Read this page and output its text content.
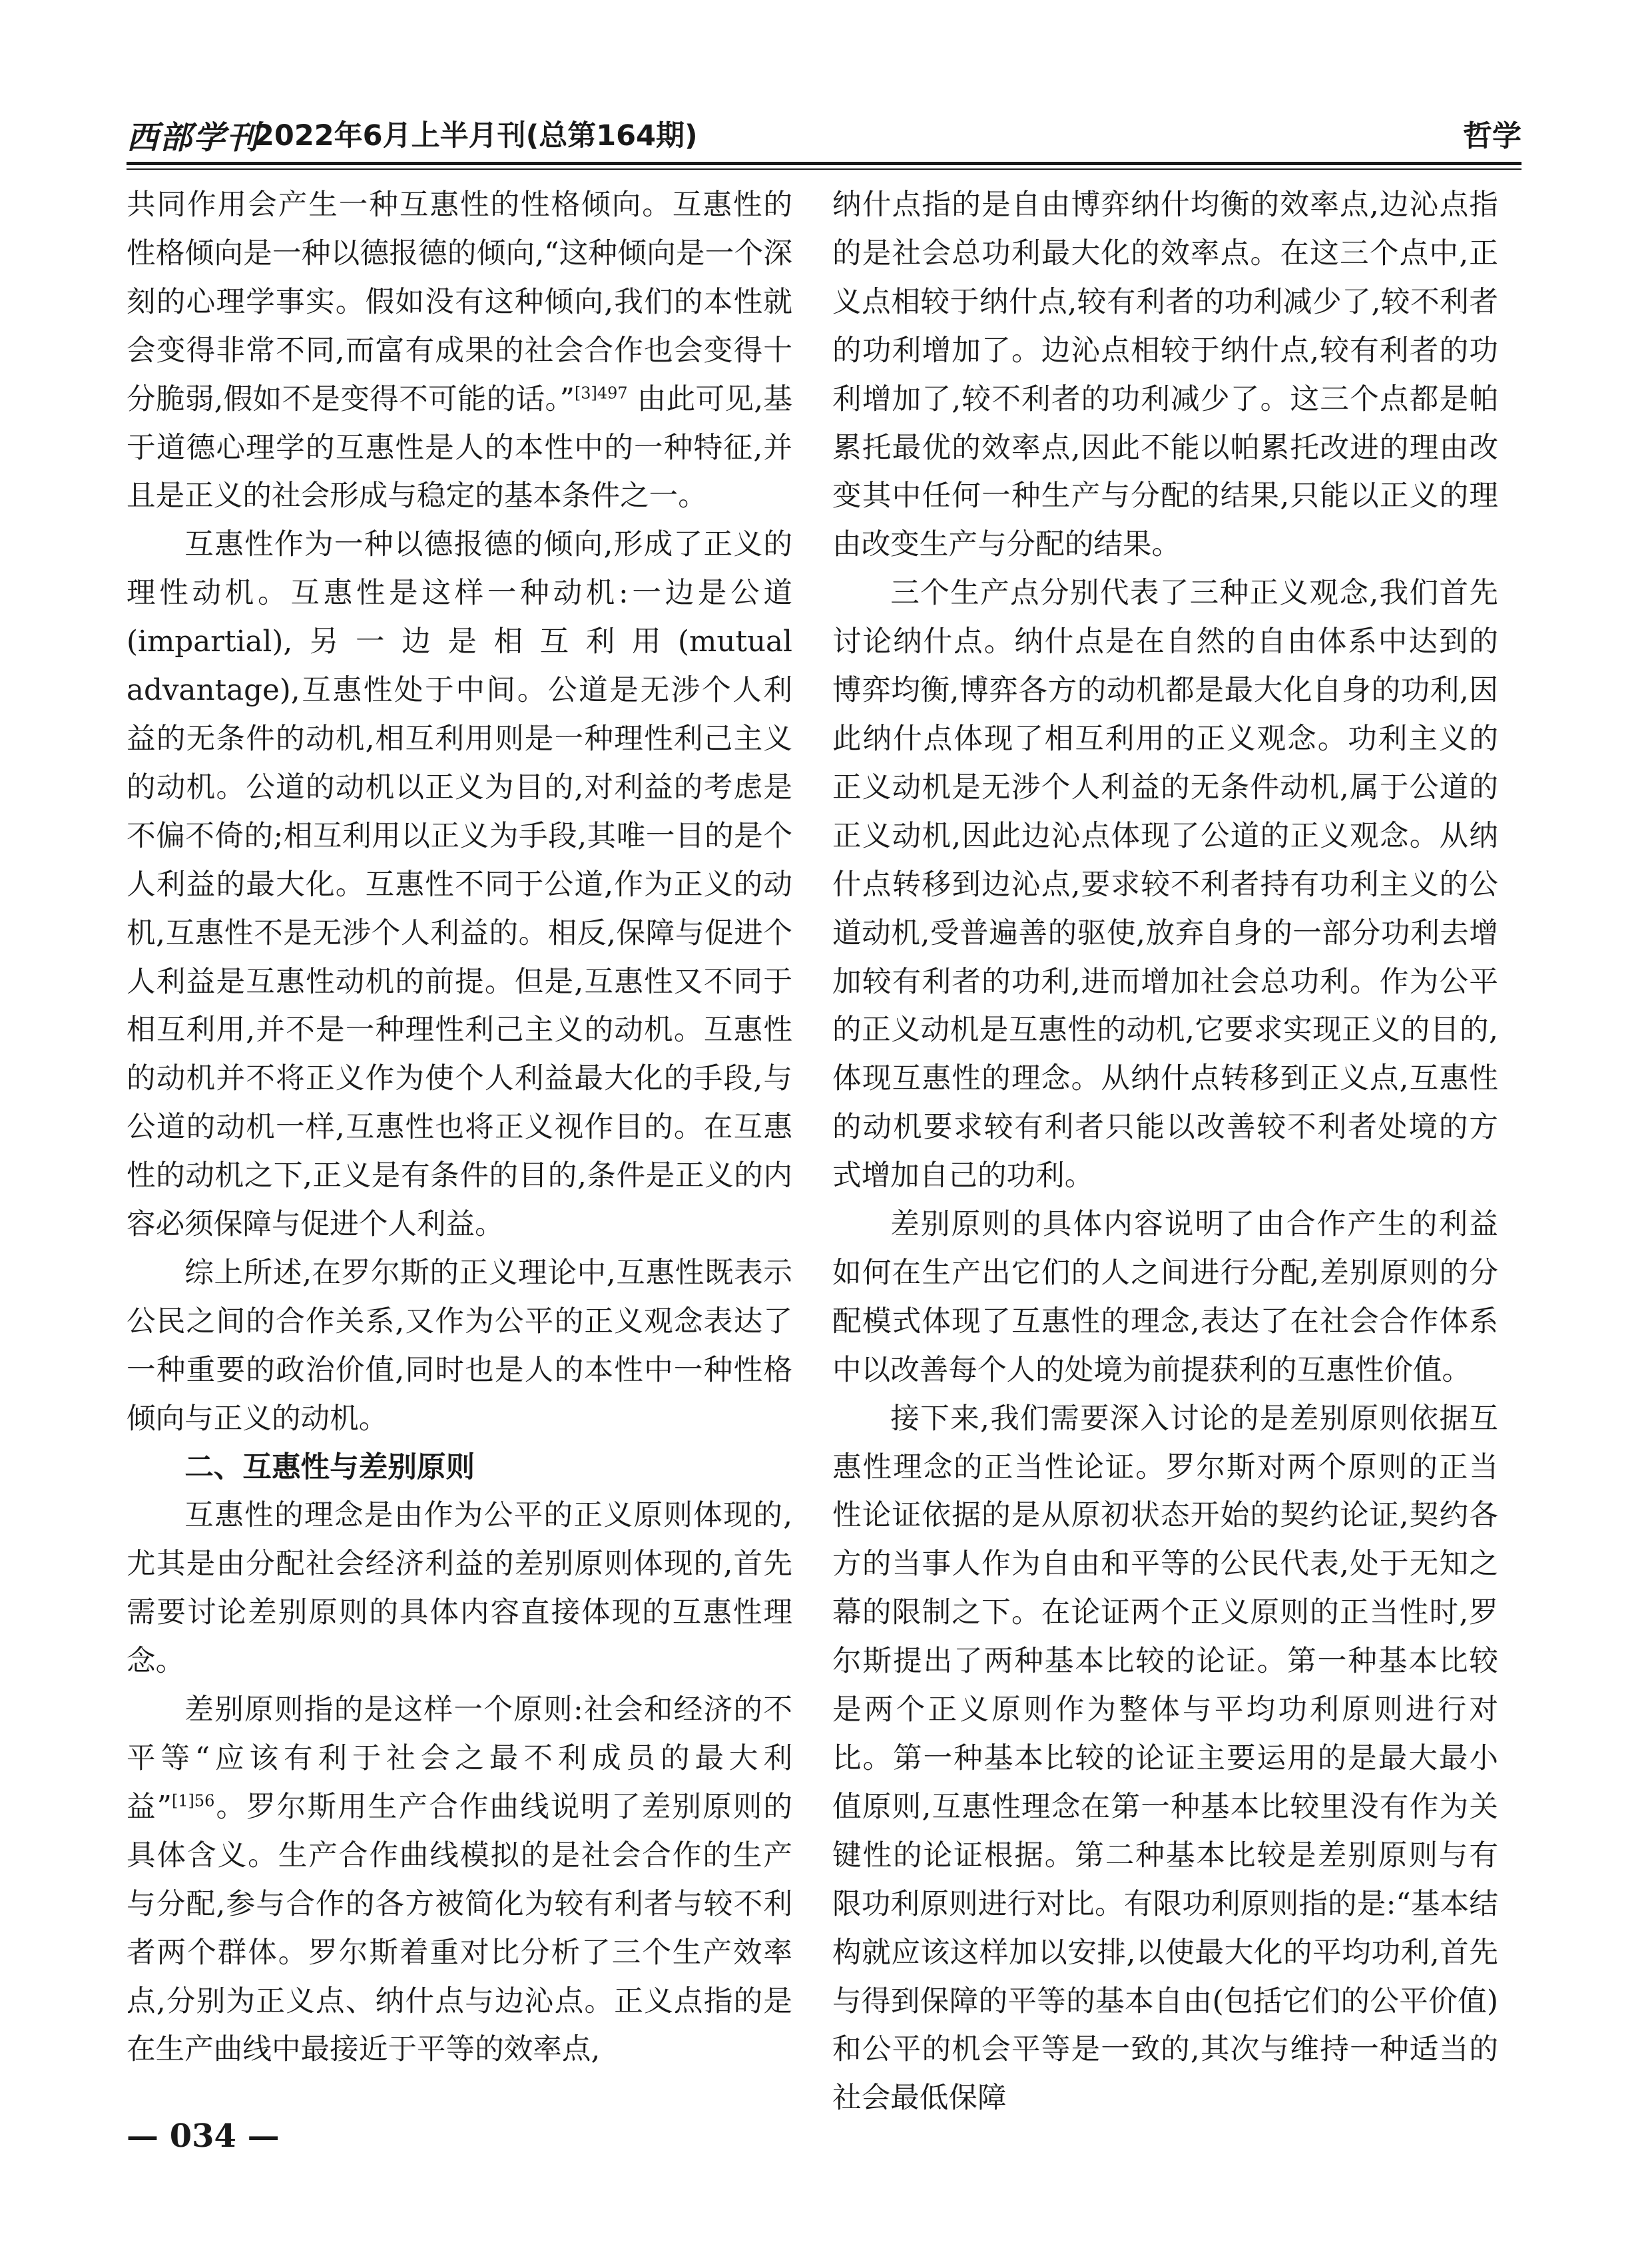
西部学刊
2022年6月上半月刊(总第164期)	哲学

共同作用会产生一种互惠性的性格倾向。互惠性的性格倾向是一种以德报德的倾向,“这种倾向是一个深刻的心理学事实。假如没有这种倾向,我们的本性就会变得非常不同,而富有成果的社会合作也会变得十分脆弱,假如不是变得不可能的话。”$^{[3]497}$ 由此可见,基于道德心理学的互惠性是人的本性中的一种特征,并且是正义的社会形成与稳定的基本条件之一。

互惠性作为一种以德报德的倾向,形成了正义的理性动机。互惠性是这样一种动机:一边是公道(impartial),另一边是相互利用(mutual advantage),互惠性处于中间。公道是无涉个人利益的无条件的动机,相互利用则是一种理性利己主义的动机。公道的动机以正义为目的,对利益的考虑是不偏不倚的;相互利用以正义为手段,其唯一目的是个人利益的最大化。互惠性不同于公道,作为正义的动机,互惠性不是无涉个人利益的。相反,保障与促进个人利益是互惠性动机的前提。但是,互惠性又不同于相互利用,并不是一种理性利己主义的动机。互惠性的动机并不将正义作为使个人利益最大化的手段,与公道的动机一样,互惠性也将正义视作目的。在互惠性的动机之下,正义是有条件的目的,条件是正义的内容必须保障与促进个人利益。

综上所述,在罗尔斯的正义理论中,互惠性既表示公民之间的合作关系,又作为公平的正义观念表达了一种重要的政治价值,同时也是人的本性中一种性格倾向与正义的动机。

二、互惠性与差别原则

互惠性的理念是由作为公平的正义原则体现的,尤其是由分配社会经济利益的差别原则体现的,首先需要讨论差别原则的具体内容直接体现的互惠性理念。

差别原则指的是这样一个原则:社会和经济的不平等“应该有利于社会之最不利成员的最大利益”$^{[1]56}$。罗尔斯用生产合作曲线说明了差别原则的具体含义。生产合作曲线模拟的是社会合作的生产与分配,参与合作的各方被简化为较有利者与较不利者两个群体。罗尔斯着重对比分析了三个生产效率点,分别为正义点、纳什点与边沁点。正义点指的是在生产曲线中最接近于平等的效率点,

纳什点指的是自由博弈纳什均衡的效率点,边沁点指的是社会总功利最大化的效率点。在这三个点中,正义点相较于纳什点,较有利者的功利减少了,较不利者的功利增加了。边沁点相较于纳什点,较有利者的功利增加了,较不利者的功利减少了。这三个点都是帕累托最优的效率点,因此不能以帕累托改进的理由改变其中任何一种生产与分配的结果,只能以正义的理由改变生产与分配的结果。

三个生产点分别代表了三种正义观念,我们首先讨论纳什点。纳什点是在自然的自由体系中达到的博弈均衡,博弈各方的动机都是最大化自身的功利,因此纳什点体现了相互利用的正义观念。功利主义的正义动机是无涉个人利益的无条件动机,属于公道的正义动机,因此边沁点体现了公道的正义观念。从纳什点转移到边沁点,要求较不利者持有功利主义的公道动机,受普遍善的驱使,放弃自身的一部分功利去增加较有利者的功利,进而增加社会总功利。作为公平的正义动机是互惠性的动机,它要求实现正义的目的,体现互惠性的理念。从纳什点转移到正义点,互惠性的动机要求较有利者只能以改善较不利者处境的方式增加自己的功利。

差别原则的具体内容说明了由合作产生的利益如何在生产出它们的人之间进行分配,差别原则的分配模式体现了互惠性的理念,表达了在社会合作体系中以改善每个人的处境为前提获利的互惠性价值。

接下来,我们需要深入讨论的是差别原则依据互惠性理念的正当性论证。罗尔斯对两个原则的正当性论证依据的是从原初状态开始的契约论证,契约各方的当事人作为自由和平等的公民代表,处于无知之幕的限制之下。在论证两个正义原则的正当性时,罗尔斯提出了两种基本比较的论证。第一种基本比较是两个正义原则作为整体与平均功利原则进行对比。第一种基本比较的论证主要运用的是最大最小值原则,互惠性理念在第一种基本比较里没有作为关键性的论证根据。第二种基本比较是差别原则与有限功利原则进行对比。有限功利原则指的是:“基本结构就应该这样加以安排,以使最大化的平均功利,首先与得到保障的平等的基本自由(包括它们的公平价值)和公平的机会平等是一致的,其次与维持一种适当的社会最低保障

— 034 —
